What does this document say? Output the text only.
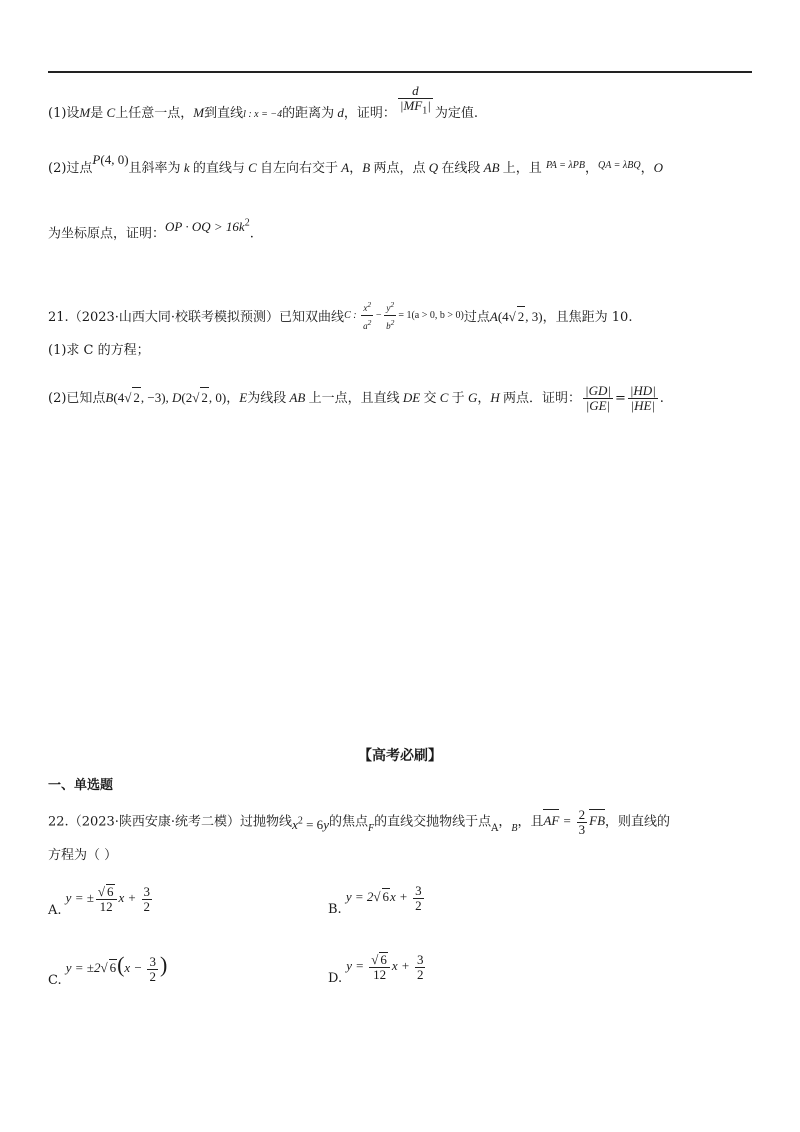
(1)设M是 C上任意一点，M到直线l : x = −4的距离为 d，证明： $\frac{d}{|MF_1|}$ 为定值.
(2)过点P(4, 0)且斜率为 k 的直线与 C 自左向右交于 A，B 两点，点 Q 在线段 AB 上，且 $^{PA = \lambda PB}$，$^{QA = \lambda BQ}$，O
为坐标原点，证明：OP · OQ > $16k^2$.
21.（2023·山西大同·校联考模拟预测）已知双曲线$^{C : \frac{x^2}{a^2} - \frac{y^2}{b^2} = 1(a > 0, b > 0)}$过点A(4√ 2, 3)，且焦距为 10.
(1)求 C 的方程；
(2)已知点B(4√ 2, −3), D(2√ 2, 0)，E为线段 AB 上一点，且直线 DE 交 C 于 G，H 两点．证明： $\frac{|GD|}{|GE|} = \frac{|HD|}{|HE|}$ .
【高考必刷】
一、单选题
22.（2023·陕西安康·统考二模）过抛物线$x^2 = 6y$的焦点$_F$的直线交抛物线于点$_A$，$_B$，且AF = $\frac{2}{3}$ FB，则直线的
方程为（ ）
A. y = ± $\frac{√ 6}{12}$ $x + \frac{3}{2}$	B. y = 2√ $6x + \frac{3}{2}$
C. y = ±2√ $6(x - \frac{3}{2}$ )
D. $y = \frac{√ 6}{12}$ $x + \frac{3}{2}$
